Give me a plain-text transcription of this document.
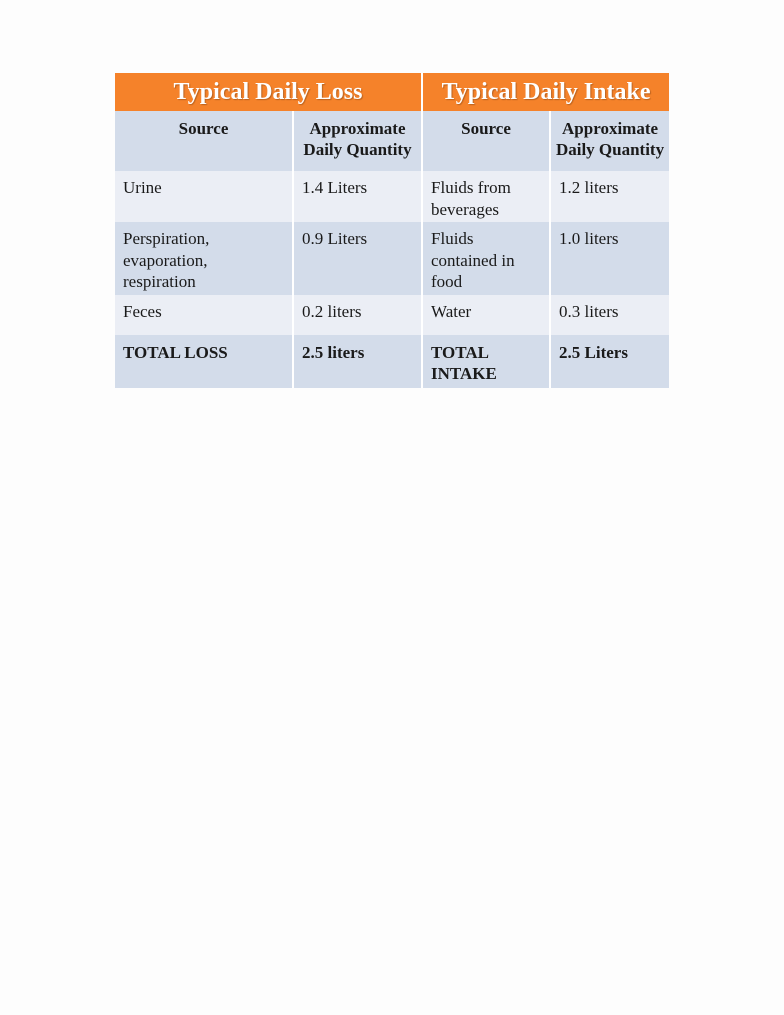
Typical Daily Loss		Typical Daily Intake	
Source	Approximate Daily Quantity	Source	Approximate Daily Quantity
Urine	1.4 Liters	Fluids from beverages	1.2 liters
Perspiration, evaporation, respiration	0.9 Liters	Fluids contained in food	1.0 liters
Feces	0.2 liters	Water	0.3 liters
TOTAL LOSS	2.5 liters	TOTAL INTAKE	2.5 Liters
